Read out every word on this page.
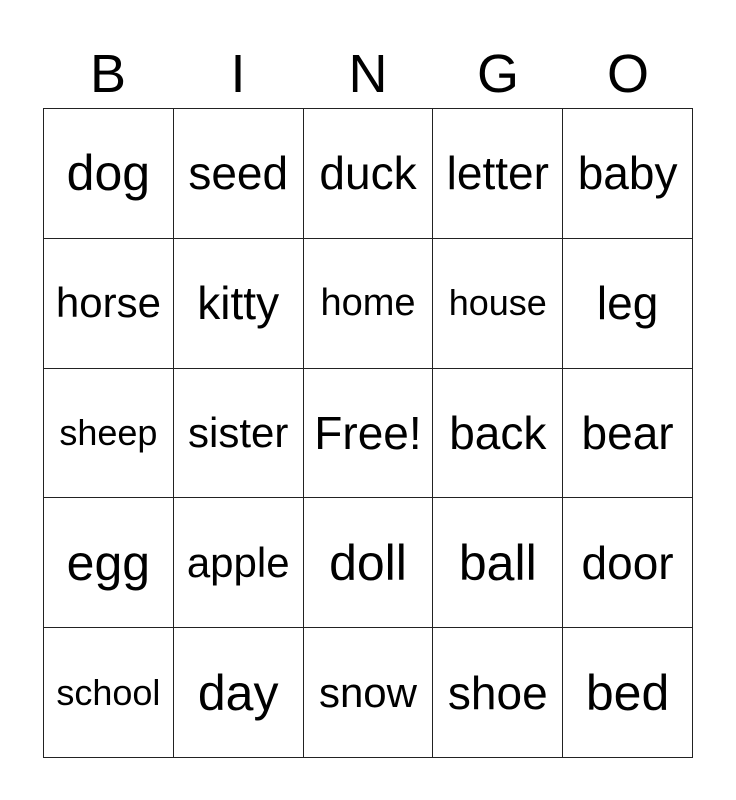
B	I	N	G	O
dog seed duck letter baby
horse kitty home house leg
sheep sister Free! back bear
egg apple doll ball door
school day snow shoe bed
